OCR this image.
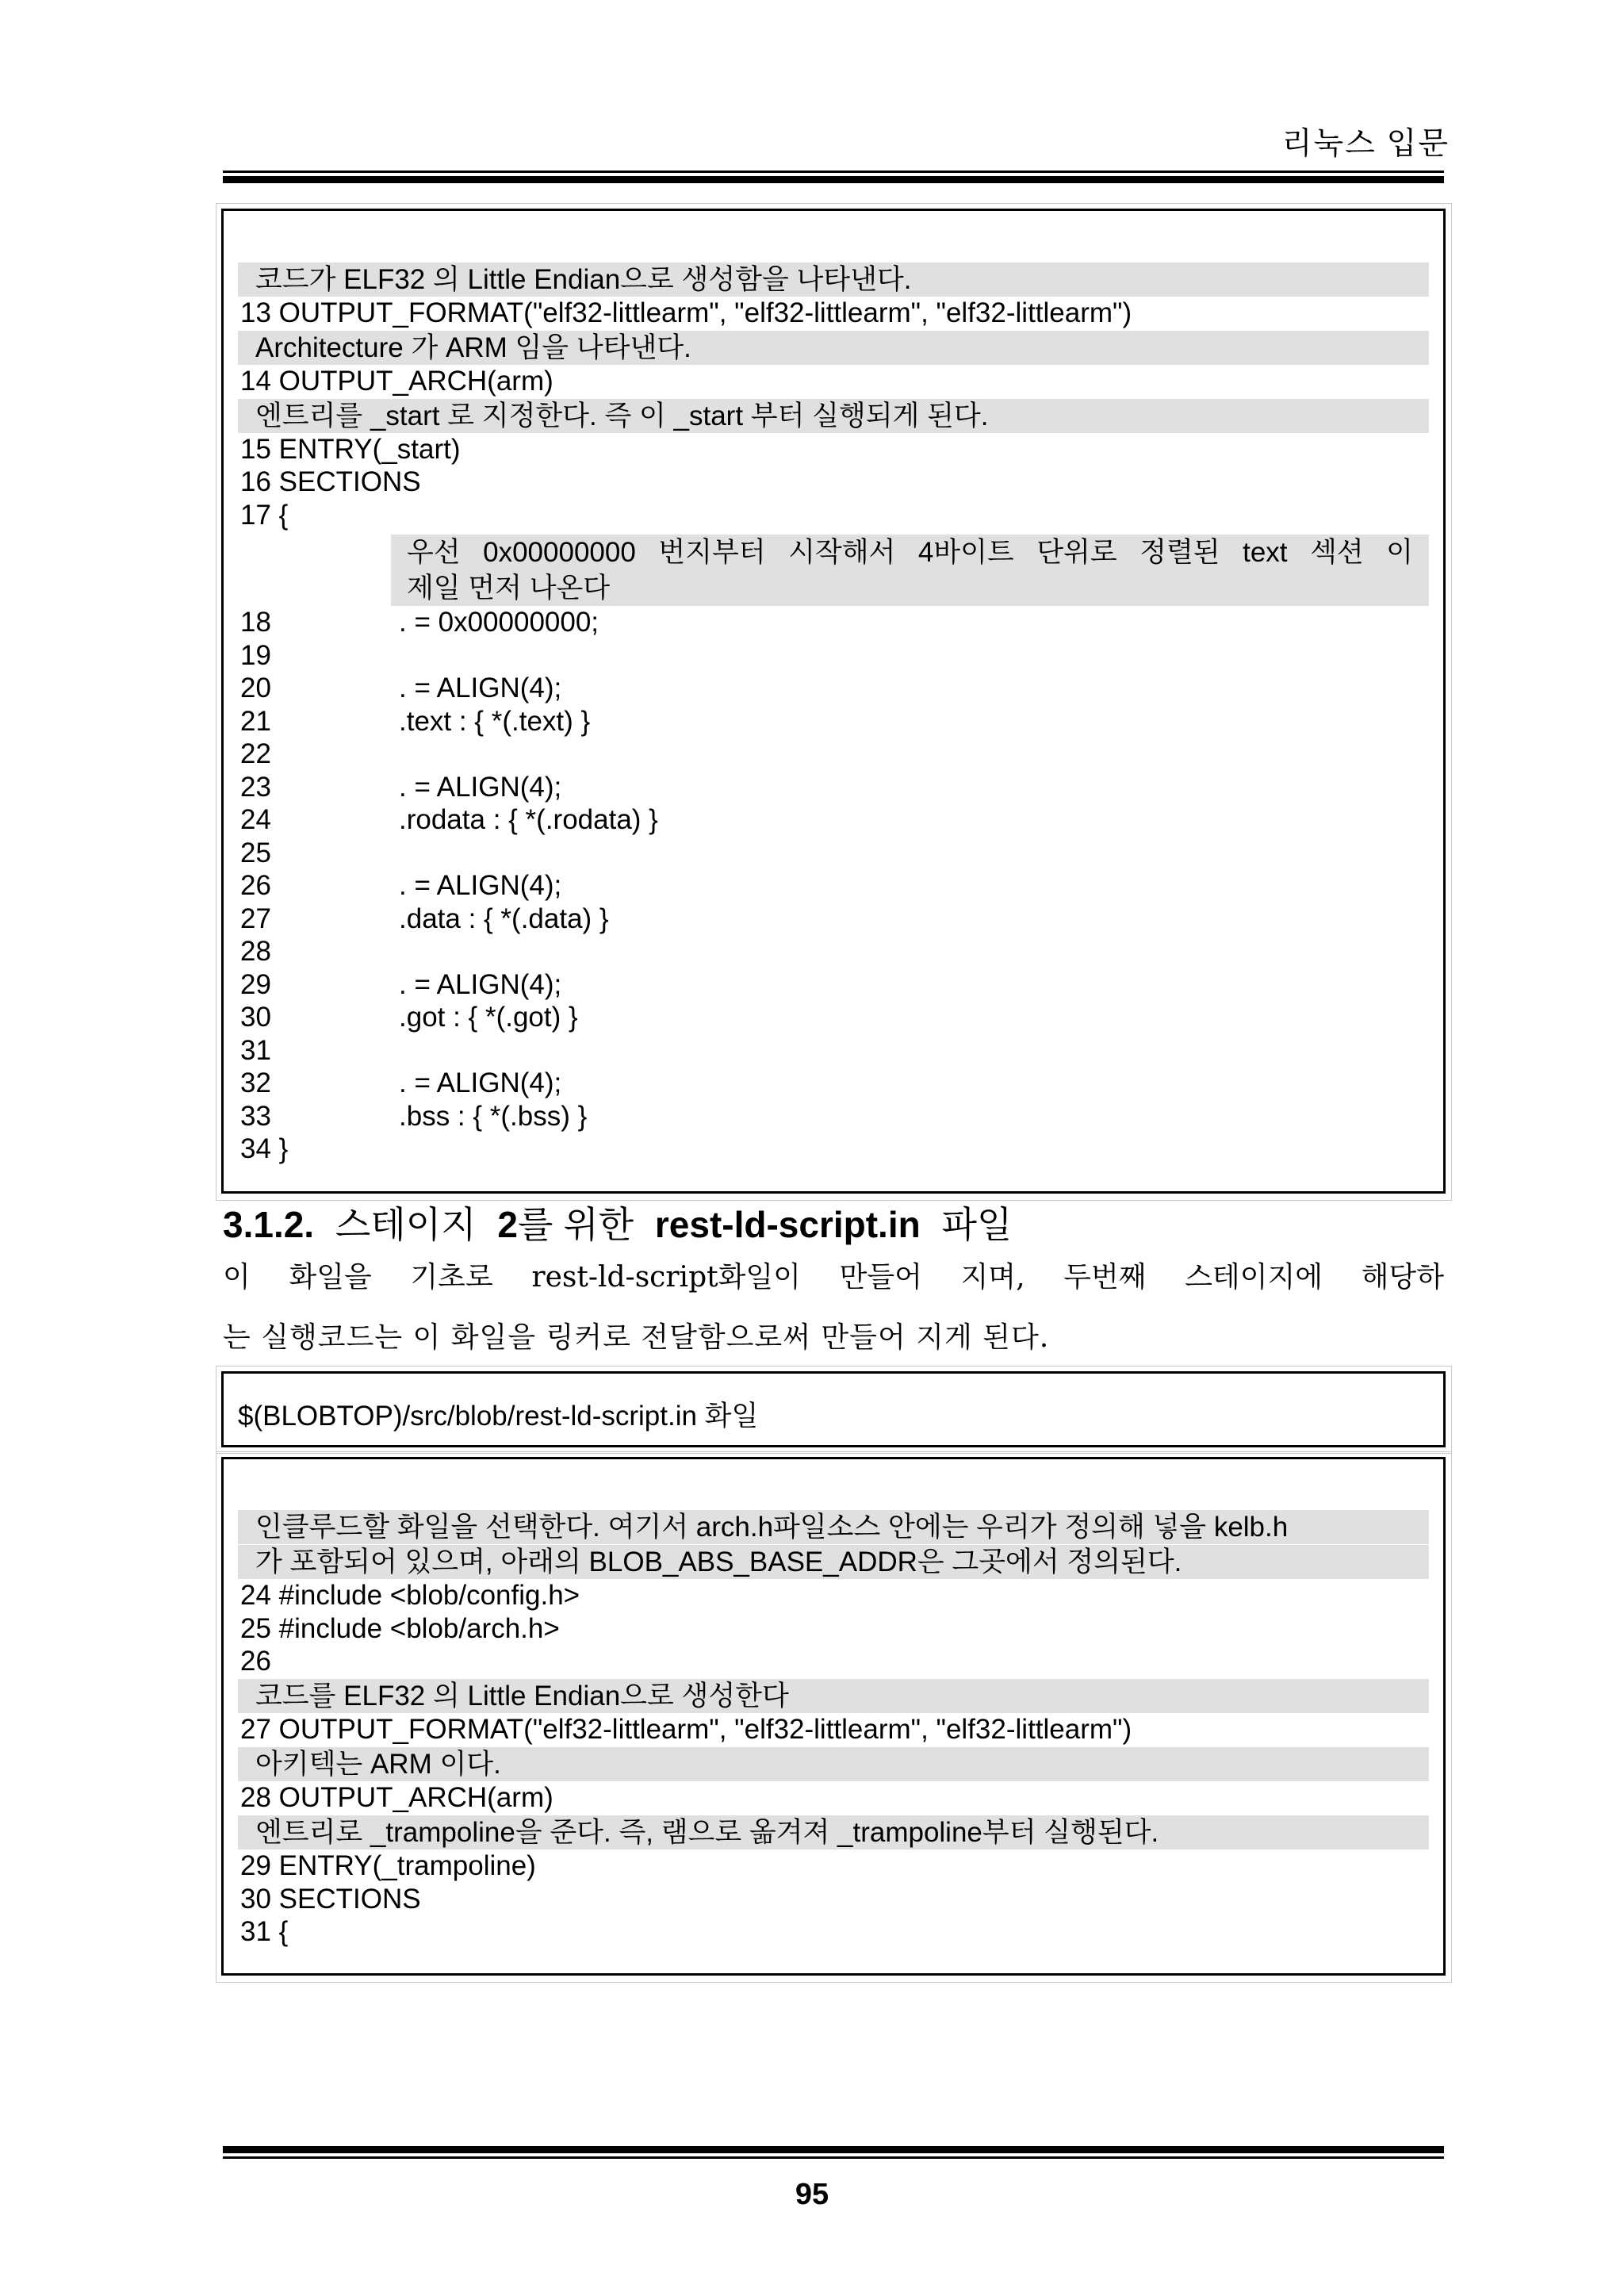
리눅스 입문
코드가 ELF32 의 Little Endian으로 생성함을 나타낸다.
13 OUTPUT_FORMAT("elf32-littlearm", "elf32-littlearm", "elf32-littlearm")
Architecture 가 ARM 임을 나타낸다.
14 OUTPUT_ARCH(arm)
엔트리를 _start 로 지정한다. 즉 이 _start 부터 실행되게 된다.
15 ENTRY(_start)
16 SECTIONS
17 {
우선 0x00000000 번지부터 시작해서 4바이트 단위로 정렬된 text 섹션 이
제일 먼저 나온다
18	. = 0x00000000;
19
20	. = ALIGN(4);
21	.text : { *(.text) }
22
23	. = ALIGN(4);
24	.rodata : { *(.rodata) }
25
26	. = ALIGN(4);
27	.data : { *(.data) }
28
29	. = ALIGN(4);
30	.got : { *(.got) }
31
32	. = ALIGN(4);
33	.bss : { *(.bss) }
34 }
3.1.2. 스테이지 2를 위한 rest-ld-script.in 파일
이 화일을 기초로 rest-ld-script화일이 만들어 지며, 두번째 스테이지에 해당하
는 실행코드는 이 화일을 링커로 전달함으로써 만들어 지게 된다.
$(BLOBTOP)/src/blob/rest-ld-script.in 화일
인클루드할 화일을 선택한다. 여기서 arch.h파일소스 안에는 우리가 정의해 넣을 kelb.h
가 포함되어 있으며, 아래의 BLOB_ABS_BASE_ADDR은 그곳에서 정의된다.
24 #include <blob/config.h>
25 #include <blob/arch.h>
26
코드를 ELF32 의 Little Endian으로 생성한다
27 OUTPUT_FORMAT("elf32-littlearm", "elf32-littlearm", "elf32-littlearm")
아키텍는 ARM 이다.
28 OUTPUT_ARCH(arm)
엔트리로 _trampoline을 준다. 즉, 램으로 옮겨져 _trampoline부터 실행된다.
29 ENTRY(_trampoline)
30 SECTIONS
31 {
95
